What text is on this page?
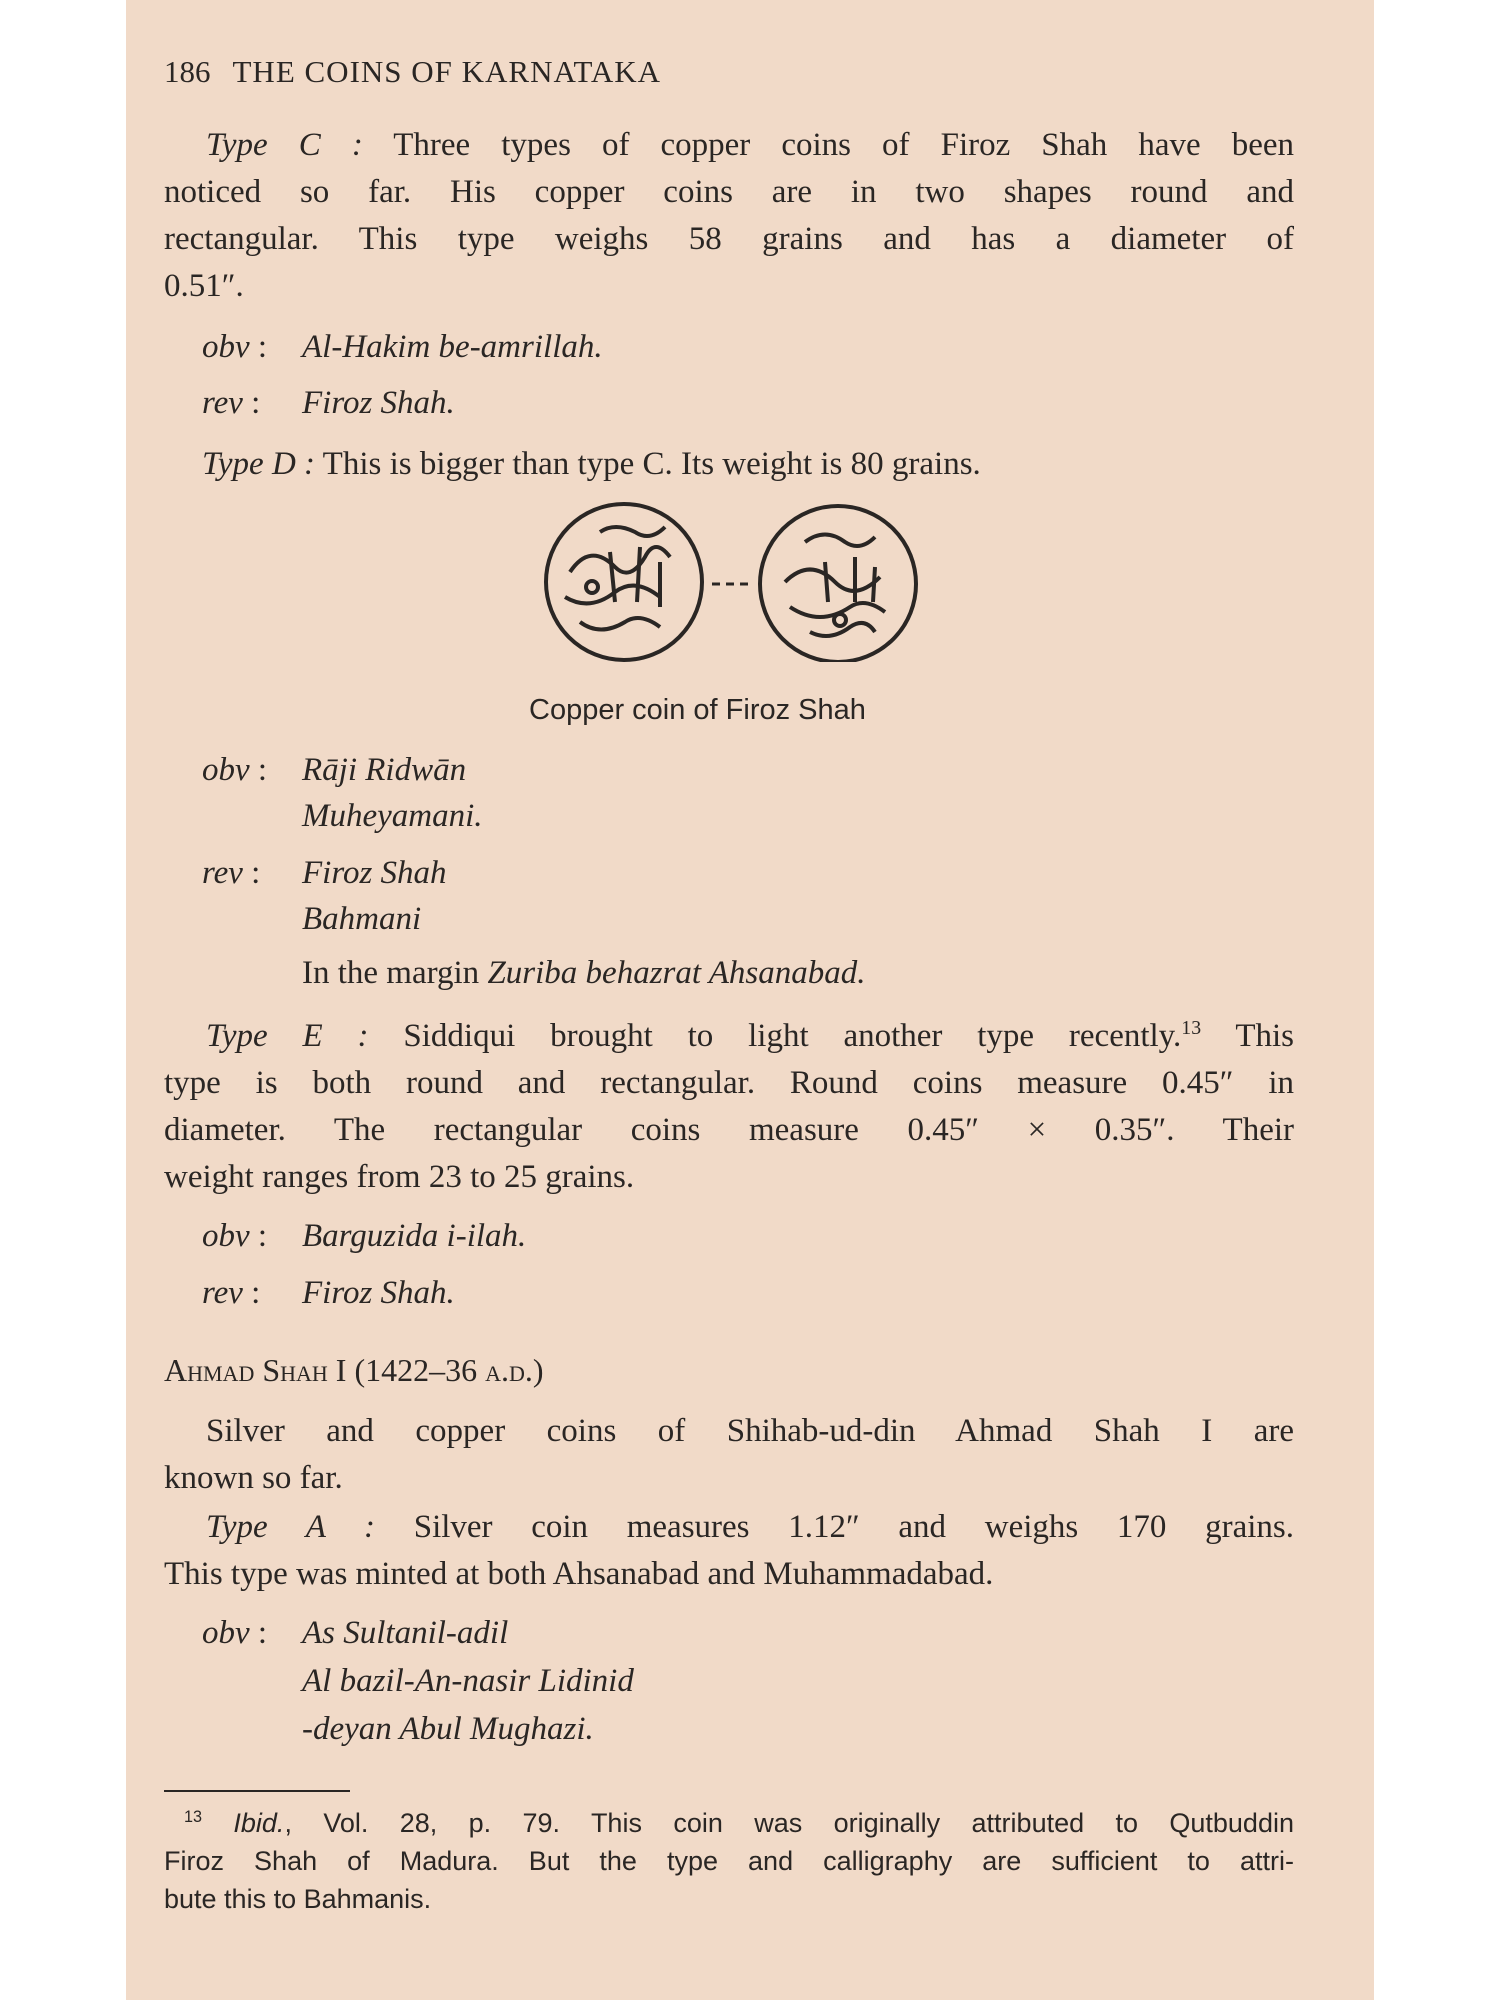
186 THE COINS OF KARNATAKA
Type C : Three types of copper coins of Firoz Shah have been
noticed so far. His copper coins are in two shapes round and
rectangular. This type weighs 58 grains and has a diameter of
0.51″.
obv : Al-Hakim be-amrillah.
rev : Firoz Shah.
Type D : This is bigger than type C. Its weight is 80 grains.
Copper coin of Firoz Shah
obv : Rāji Ridwān
Muheyamani.
rev : Firoz Shah
Bahmani
In the margin Zuriba behazrat Ahsanabad.
Type E : Siddiqui brought to light another type recently.$^{13}$ This
type is both round and rectangular. Round coins measure 0.45″ in
diameter. The rectangular coins measure 0.45″ × 0.35″. Their
weight ranges from 23 to 25 grains.
obv : Barguzida i-ilah.
rev : Firoz Shah.
Ahmad Shah I (1422–36 a.d.)
Silver and copper coins of Shihab-ud-din Ahmad Shah I are
known so far.
Type A : Silver coin measures 1.12″ and weighs 170 grains.
This type was minted at both Ahsanabad and Muhammadabad.
obv : As Sultanil-adil
Al bazil-An-nasir Lidinid
-deyan Abul Mughazi.
$^{13}$ Ibid., Vol. 28, p. 79. This coin was originally attributed to Qutbuddin
Firoz Shah of Madura. But the type and calligraphy are sufficient to attri-
bute this to Bahmanis.
